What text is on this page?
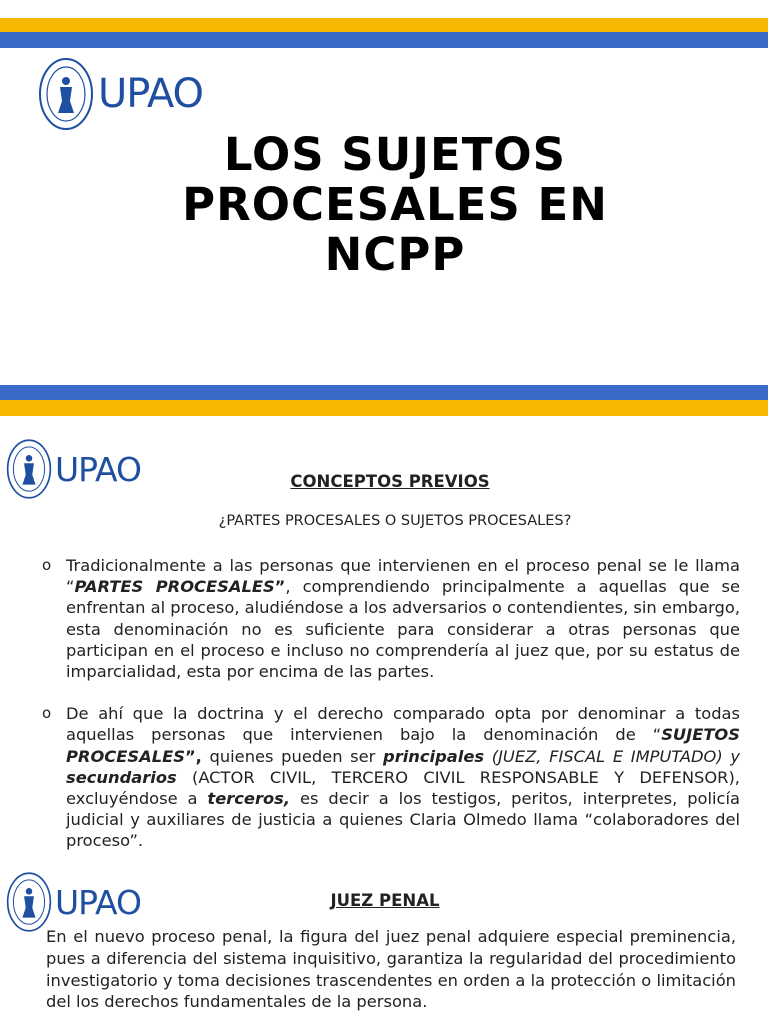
UPAO
LOS SUJETOS PROCESALES EN NCPP
UPAO	CONCEPTOS PREVIOS

¿PARTES PROCESALES O SUJETOS PROCESALES?

o Tradicionalmente a las personas que intervienen en el proceso penal se le llama “PARTES PROCESALES”, comprendiendo principalmente a aquellas que se enfrentan al proceso, aludiéndose a los adversarios o contendientes, sin embargo, esta denominación no es suficiente para considerar a otras personas que participan en el proceso e incluso no comprendería al juez que, por su estatus de imparcialidad, esta por encima de las partes.
o De ahí que la doctrina y el derecho comparado opta por denominar a todas aquellas personas que intervienen bajo la denominación de “SUJETOS PROCESALES”, quienes pueden ser principales (JUEZ, FISCAL E IMPUTADO) y secundarios (ACTOR CIVIL, TERCERO CIVIL RESPONSABLE Y DEFENSOR), excluyéndose a terceros, es decir a los testigos, peritos, interpretes, policía judicial y auxiliares de justicia a quienes Claria Olmedo llama “colaboradores del proceso”.
UPAO	JUEZ PENAL

En el nuevo proceso penal, la figura del juez penal adquiere especial preminencia, pues a diferencia del sistema inquisitivo, garantiza la regularidad del procedimiento investigatorio y toma decisiones trascendentes en orden a la protección o limitación del los derechos fundamentales de la persona.
